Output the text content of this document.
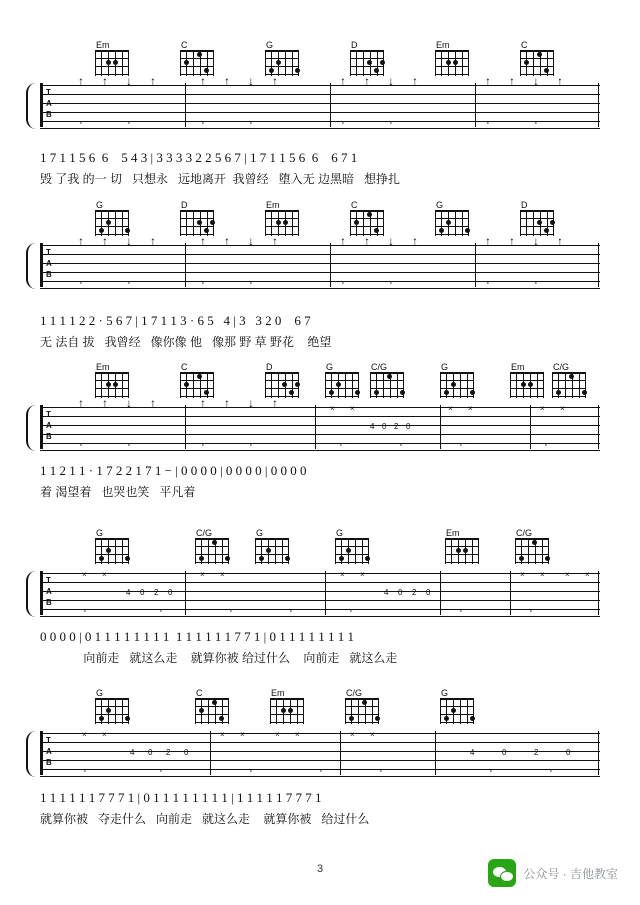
Em	C	G	D	Em	C
T
A
B
↑ ↑ ↓ ↑	↑ ↑ ↓ ↑	↑ ↑ ↓ ↑	↑ ↑ ↓ ↑
⌐	⌐	⌐	⌐	⌐	⌐	⌐	⌐
1 7 1 1 5 6  6    5 4 3 | 3 3 3 3 2 2 5 6 7 | 1 7 1 1 5 6  6    6 7 1
毁 了我 的一 切   只想永   远地离开  我曾经   堕入无 边黑暗   想挣扎
G	D	Em	C	G	D
T
A
B
↑ ↑ ↓ ↑	↑ ↑ ↓ ↑	↑ ↑ ↓ ↑	↑ ↑ ↓ ↑
⌐	⌐	⌐	⌐	⌐	⌐	⌐	⌐
1 1 1 1 2 2 · 5 6 7 | 1 7 1 1 3 · 6 5   4 | 3   3 2 0    6 7
无 法自 拔   我曾经   像你像 他   像那 野 草 野花    绝望
Em	C	D	G	C/G	G	Em	C/G
T
A
B
↑ ↑ ↓ ↑	↑ ↑ ↓ ↑	× ×
4 0 2 0
× ×	× ×
⌐	⌐	⌐	⌐	⌐	⌐	⌐	⌐
1 1 2 1 1 · 1 7 2 2 1 7 1 − | 0 0 0 0 | 0 0 0 0 | 0 0 0 0
着 渴望着   也哭也笑   平凡着
G	C/G	G	G	Em	C/G
T
A
B
× ×
4 0 2 0
× ×	× ×
4 0 2 0
× ×	× ×
⌐	⌐	⌐	⌐	⌐	⌐	⌐
0 0 0 0 | 0 1 1 1 1 1 1 1 1  1 1 1 1 1 1 7 7 1 | 0 1 1 1 1 1 1 1 1
向前走   就这么走    就算你被 给过什么    向前走   就这么走
G	C	Em	C/G	G
T
A
B
× ×
4 0 2 0
× ×	× ×	× ×
4	0	2	0
⌐	⌐	⌐	⌐	⌐	⌐	⌐
1 1 1 1 1 1 7 7 7 1 | 0 1 1 1 1 1 1 1 1 | 1 1 1 1 1 7 7 7 1
就算你被   夺走什么   向前走   就这么走    就算你被   给过什么
3	公众号 · 吉他教室
